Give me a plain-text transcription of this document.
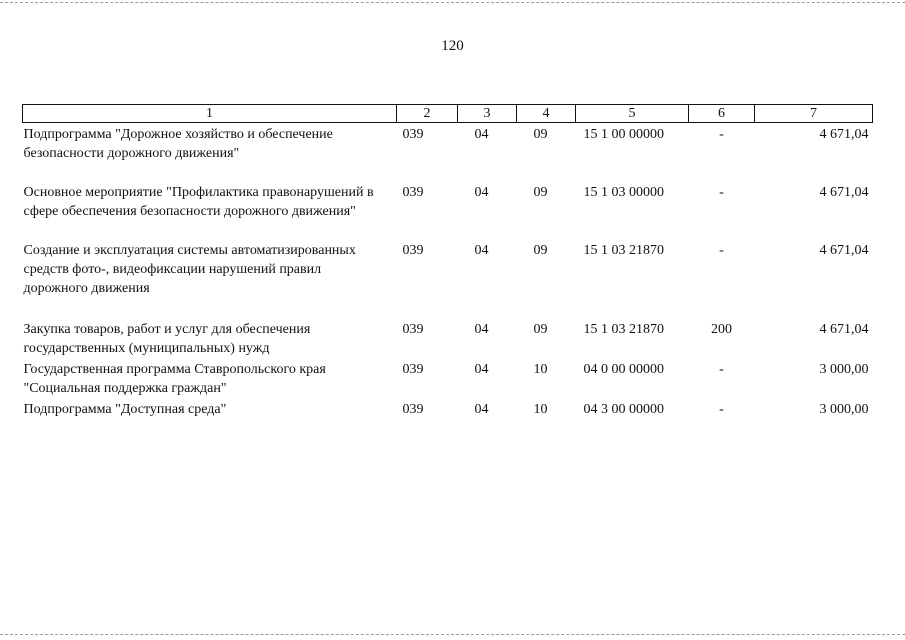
120
1	2	3	4	5	6	7
Подпрограмма "Дорожное хозяйство и обеспечение безопасности дорожного движения"	039	04	09	15 1 00 00000	-	4 671,04
Основное мероприятие "Профилактика правонарушений в сфере обеспечения безопасности дорожного движения"	039	04	09	15 1 03 00000	-	4 671,04
Создание и эксплуатация системы автоматизированных средств фото-, видеофиксации нарушений правил дорожного движения	039	04	09	15 1 03 21870	-	4 671,04
Закупка товаров, работ и услуг для обеспечения государственных (муниципальных) нужд	039	04	09	15 1 03 21870	200	4 671,04
Государственная программа Ставропольского края "Социальная поддержка граждан"	039	04	10	04 0 00 00000	-	3 000,00
Подпрограмма "Доступная среда"	039	04	10	04 3 00 00000	-	3 000,00
